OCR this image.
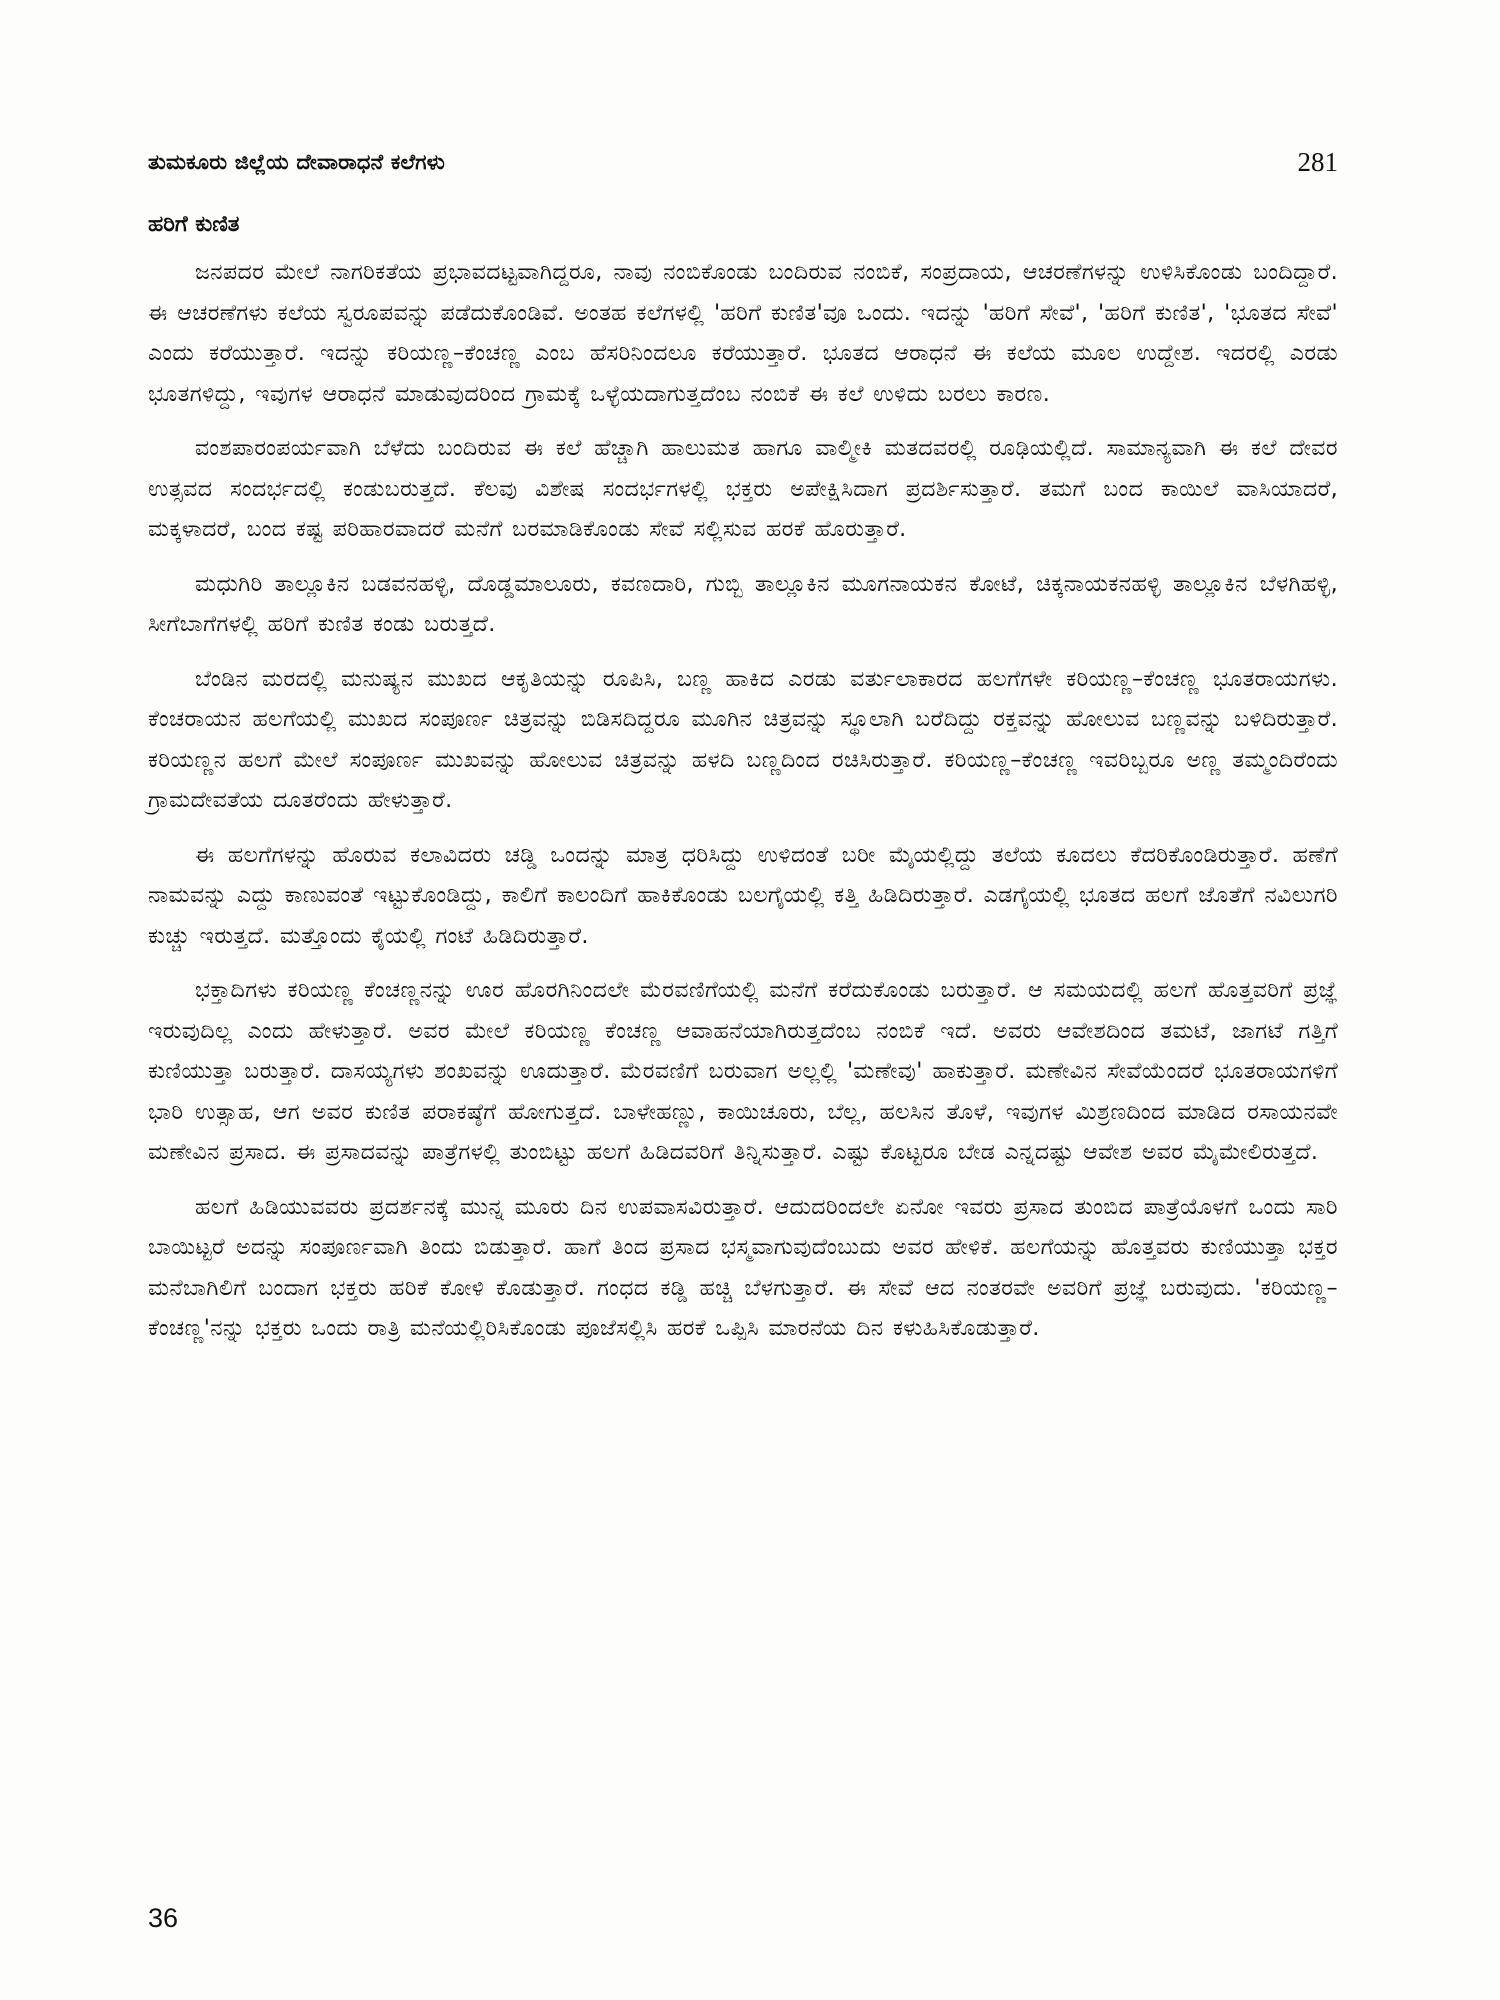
ತುಮಕೂರು ಜಿಲ್ಲೆಯ ದೇವಾರಾಧನೆ ಕಲೆಗಳು	281
ಹರಿಗೆ ಕುಣಿತ

ಜನಪದರ ಮೇಲೆ ನಾಗರಿಕತೆಯ ಪ್ರಭಾವದಟ್ಟವಾಗಿದ್ದರೂ, ನಾವು ನಂಬಿಕೊಂಡು ಬಂದಿರುವ ನಂಬಿಕೆ, ಸಂಪ್ರದಾಯ, ಆಚರಣೆಗಳನ್ನು ಉಳಿಸಿಕೊಂಡು ಬಂದಿದ್ದಾರೆ. ಈ ಆಚರಣೆಗಳು ಕಲೆಯ ಸ್ವರೂಪವನ್ನು ಪಡೆದುಕೊಂಡಿವೆ. ಅಂತಹ ಕಲೆಗಳಲ್ಲಿ 'ಹರಿಗೆ ಕುಣಿತ'ವೂ ಒಂದು. ಇದನ್ನು 'ಹರಿಗೆ ಸೇವೆ', 'ಹರಿಗೆ ಕುಣಿತ', 'ಭೂತದ ಸೇವೆ' ಎಂದು ಕರೆಯುತ್ತಾರೆ. ಇದನ್ನು ಕರಿಯಣ್ಣ–ಕೆಂಚಣ್ಣ ಎಂಬ ಹೆಸರಿನಿಂದಲೂ ಕರೆಯುತ್ತಾರೆ. ಭೂತದ ಆರಾಧನೆ ಈ ಕಲೆಯ ಮೂಲ ಉದ್ದೇಶ. ಇದರಲ್ಲಿ ಎರಡು ಭೂತಗಳಿದ್ದು, ಇವುಗಳ ಆರಾಧನೆ ಮಾಡುವುದರಿಂದ ಗ್ರಾಮಕ್ಕೆ ಒಳ್ಳೆಯದಾಗುತ್ತದೆಂಬ ನಂಬಿಕೆ ಈ ಕಲೆ ಉಳಿದು ಬರಲು ಕಾರಣ.

ವಂಶಪಾರಂಪರ್ಯವಾಗಿ ಬೆಳೆದು ಬಂದಿರುವ ಈ ಕಲೆ ಹೆಚ್ಚಾಗಿ ಹಾಲುಮತ ಹಾಗೂ ವಾಲ್ಮೀಕಿ ಮತದವರಲ್ಲಿ ರೂಢಿಯಲ್ಲಿದೆ. ಸಾಮಾನ್ಯವಾಗಿ ಈ ಕಲೆ ದೇವರ ಉತ್ಸವದ ಸಂದರ್ಭದಲ್ಲಿ ಕಂಡುಬರುತ್ತದೆ. ಕೆಲವು ವಿಶೇಷ ಸಂದರ್ಭಗಳಲ್ಲಿ ಭಕ್ತರು ಅಪೇಕ್ಷಿಸಿದಾಗ ಪ್ರದರ್ಶಿಸುತ್ತಾರೆ. ತಮಗೆ ಬಂದ ಕಾಯಿಲೆ ವಾಸಿಯಾದರೆ, ಮಕ್ಕಳಾದರೆ, ಬಂದ ಕಷ್ಟ ಪರಿಹಾರವಾದರೆ ಮನೆಗೆ ಬರಮಾಡಿಕೊಂಡು ಸೇವೆ ಸಲ್ಲಿಸುವ ಹರಕೆ ಹೊರುತ್ತಾರೆ.

ಮಧುಗಿರಿ ತಾಲ್ಲೂಕಿನ ಬಡವನಹಳ್ಳಿ, ದೊಡ್ಡಮಾಲೂರು, ಕವಣದಾರಿ, ಗುಬ್ಬಿ ತಾಲ್ಲೂಕಿನ ಮೂಗನಾಯಕನ ಕೋಟೆ, ಚಿಕ್ಕನಾಯಕನಹಳ್ಳಿ ತಾಲ್ಲೂಕಿನ ಬೆಳಗಿಹಳ್ಳಿ, ಸೀಗೆಬಾಗೆಗಳಲ್ಲಿ ಹರಿಗೆ ಕುಣಿತ ಕಂಡು ಬರುತ್ತದೆ.

ಬೆಂಡಿನ ಮರದಲ್ಲಿ ಮನುಷ್ಯನ ಮುಖದ ಆಕೃತಿಯನ್ನು ರೂಪಿಸಿ, ಬಣ್ಣ ಹಾಕಿದ ಎರಡು ವರ್ತುಲಾಕಾರದ ಹಲಗೆಗಳೇ ಕರಿಯಣ್ಣ–ಕೆಂಚಣ್ಣ ಭೂತರಾಯಗಳು. ಕೆಂಚರಾಯನ ಹಲಗೆಯಲ್ಲಿ ಮುಖದ ಸಂಪೂರ್ಣ ಚಿತ್ರವನ್ನು ಬಿಡಿಸದಿದ್ದರೂ ಮೂಗಿನ ಚಿತ್ರವನ್ನು ಸ್ಥೂಲಾಗಿ ಬರೆದಿದ್ದು ರಕ್ತವನ್ನು ಹೋಲುವ ಬಣ್ಣವನ್ನು ಬಳಿದಿರುತ್ತಾರೆ. ಕರಿಯಣ್ಣನ ಹಲಗೆ ಮೇಲೆ ಸಂಪೂರ್ಣ ಮುಖವನ್ನು ಹೋಲುವ ಚಿತ್ರವನ್ನು ಹಳದಿ ಬಣ್ಣದಿಂದ ರಚಿಸಿರುತ್ತಾರೆ. ಕರಿಯಣ್ಣ–ಕೆಂಚಣ್ಣ ಇವರಿಬ್ಬರೂ ಅಣ್ಣ ತಮ್ಮಂದಿರೆಂದು ಗ್ರಾಮದೇವತೆಯ ದೂತರೆಂದು ಹೇಳುತ್ತಾರೆ.

ಈ ಹಲಗೆಗಳನ್ನು ಹೊರುವ ಕಲಾವಿದರು ಚಡ್ಡಿ ಒಂದನ್ನು ಮಾತ್ರ ಧರಿಸಿದ್ದು ಉಳಿದಂತೆ ಬರೀ ಮೈಯಲ್ಲಿದ್ದು ತಲೆಯ ಕೂದಲು ಕೆದರಿಕೊಂಡಿರುತ್ತಾರೆ. ಹಣೆಗೆ ನಾಮವನ್ನು ಎದ್ದು ಕಾಣುವಂತೆ ಇಟ್ಟುಕೊಂಡಿದ್ದು, ಕಾಲಿಗೆ ಕಾಲಂದಿಗೆ ಹಾಕಿಕೊಂಡು ಬಲಗೈಯಲ್ಲಿ ಕತ್ತಿ ಹಿಡಿದಿರುತ್ತಾರೆ. ಎಡಗೈಯಲ್ಲಿ ಭೂತದ ಹಲಗೆ ಜೊತೆಗೆ ನವಿಲುಗರಿ ಕುಚ್ಚು ಇರುತ್ತದೆ. ಮತ್ತೊಂದು ಕೈಯಲ್ಲಿ ಗಂಟೆ ಹಿಡಿದಿರುತ್ತಾರೆ.

ಭಕ್ತಾದಿಗಳು ಕರಿಯಣ್ಣ ಕೆಂಚಣ್ಣನನ್ನು ಊರ ಹೊರಗಿನಿಂದಲೇ ಮೆರವಣಿಗೆಯಲ್ಲಿ ಮನೆಗೆ ಕರೆದುಕೊಂಡು ಬರುತ್ತಾರೆ. ಆ ಸಮಯದಲ್ಲಿ ಹಲಗೆ ಹೊತ್ತವರಿಗೆ ಪ್ರಜ್ಞೆ ಇರುವುದಿಲ್ಲ ಎಂದು ಹೇಳುತ್ತಾರೆ. ಅವರ ಮೇಲೆ ಕರಿಯಣ್ಣ ಕೆಂಚಣ್ಣ ಆವಾಹನೆಯಾಗಿರುತ್ತದೆಂಬ ನಂಬಿಕೆ ಇದೆ. ಅವರು ಆವೇಶದಿಂದ ತಮಟೆ, ಜಾಗಟೆ ಗತ್ತಿಗೆ ಕುಣಿಯುತ್ತಾ ಬರುತ್ತಾರೆ. ದಾಸಯ್ಯಗಳು ಶಂಖವನ್ನು ಊದುತ್ತಾರೆ. ಮೆರವಣಿಗೆ ಬರುವಾಗ ಅಲ್ಲಲ್ಲಿ 'ಮಣೇವು' ಹಾಕುತ್ತಾರೆ. ಮಣೇವಿನ ಸೇವೆಯೆಂದರೆ ಭೂತರಾಯಗಳಿಗೆ ಭಾರಿ ಉತ್ಸಾಹ, ಆಗ ಅವರ ಕುಣಿತ ಪರಾಕಷ್ಠೆಗೆ ಹೋಗುತ್ತದೆ. ಬಾಳೇಹಣ್ಣು, ಕಾಯಿಚೂರು, ಬೆಲ್ಲ, ಹಲಸಿನ ತೊಳೆ, ಇವುಗಳ ಮಿಶ್ರಣದಿಂದ ಮಾಡಿದ ರಸಾಯನವೇ ಮಣೇವಿನ ಪ್ರಸಾದ. ಈ ಪ್ರಸಾದವನ್ನು ಪಾತ್ರೆಗಳಲ್ಲಿ ತುಂಬಿಟ್ಟು ಹಲಗೆ ಹಿಡಿದವರಿಗೆ ತಿನ್ನಿಸುತ್ತಾರೆ. ಎಷ್ಟು ಕೊಟ್ಟರೂ ಬೇಡ ಎನ್ನದಷ್ಟು ಆವೇಶ ಅವರ ಮೈಮೇಲಿರುತ್ತದೆ.

ಹಲಗೆ ಹಿಡಿಯುವವರು ಪ್ರದರ್ಶನಕ್ಕೆ ಮುನ್ನ ಮೂರು ದಿನ ಉಪವಾಸವಿರುತ್ತಾರೆ. ಆದುದರಿಂದಲೇ ಏನೋ ಇವರು ಪ್ರಸಾದ ತುಂಬಿದ ಪಾತ್ರೆಯೊಳಗೆ ಒಂದು ಸಾರಿ ಬಾಯಿಟ್ಟರೆ ಅದನ್ನು ಸಂಪೂರ್ಣವಾಗಿ ತಿಂದು ಬಿಡುತ್ತಾರೆ. ಹಾಗೆ ತಿಂದ ಪ್ರಸಾದ ಭಸ್ಮವಾಗುವುದೆಂಬುದು ಅವರ ಹೇಳಿಕೆ. ಹಲಗೆಯನ್ನು ಹೊತ್ತವರು ಕುಣಿಯುತ್ತಾ ಭಕ್ತರ ಮನೆಬಾಗಿಲಿಗೆ ಬಂದಾಗ ಭಕ್ತರು ಹರಿಕೆ ಕೋಳಿ ಕೊಡುತ್ತಾರೆ. ಗಂಧದ ಕಡ್ಡಿ ಹಚ್ಚಿ ಬೆಳಗುತ್ತಾರೆ. ಈ ಸೇವೆ ಆದ ನಂತರವೇ ಅವರಿಗೆ ಪ್ರಜ್ಞೆ ಬರುವುದು. 'ಕರಿಯಣ್ಣ–ಕೆಂಚಣ್ಣ'ನನ್ನು ಭಕ್ತರು ಒಂದು ರಾತ್ರಿ ಮನೆಯಲ್ಲಿರಿಸಿಕೊಂಡು ಪೂಜೆಸಲ್ಲಿಸಿ ಹರಕೆ ಒಪ್ಪಿಸಿ ಮಾರನೆಯ ದಿನ ಕಳುಹಿಸಿಕೊಡುತ್ತಾರೆ.

36
